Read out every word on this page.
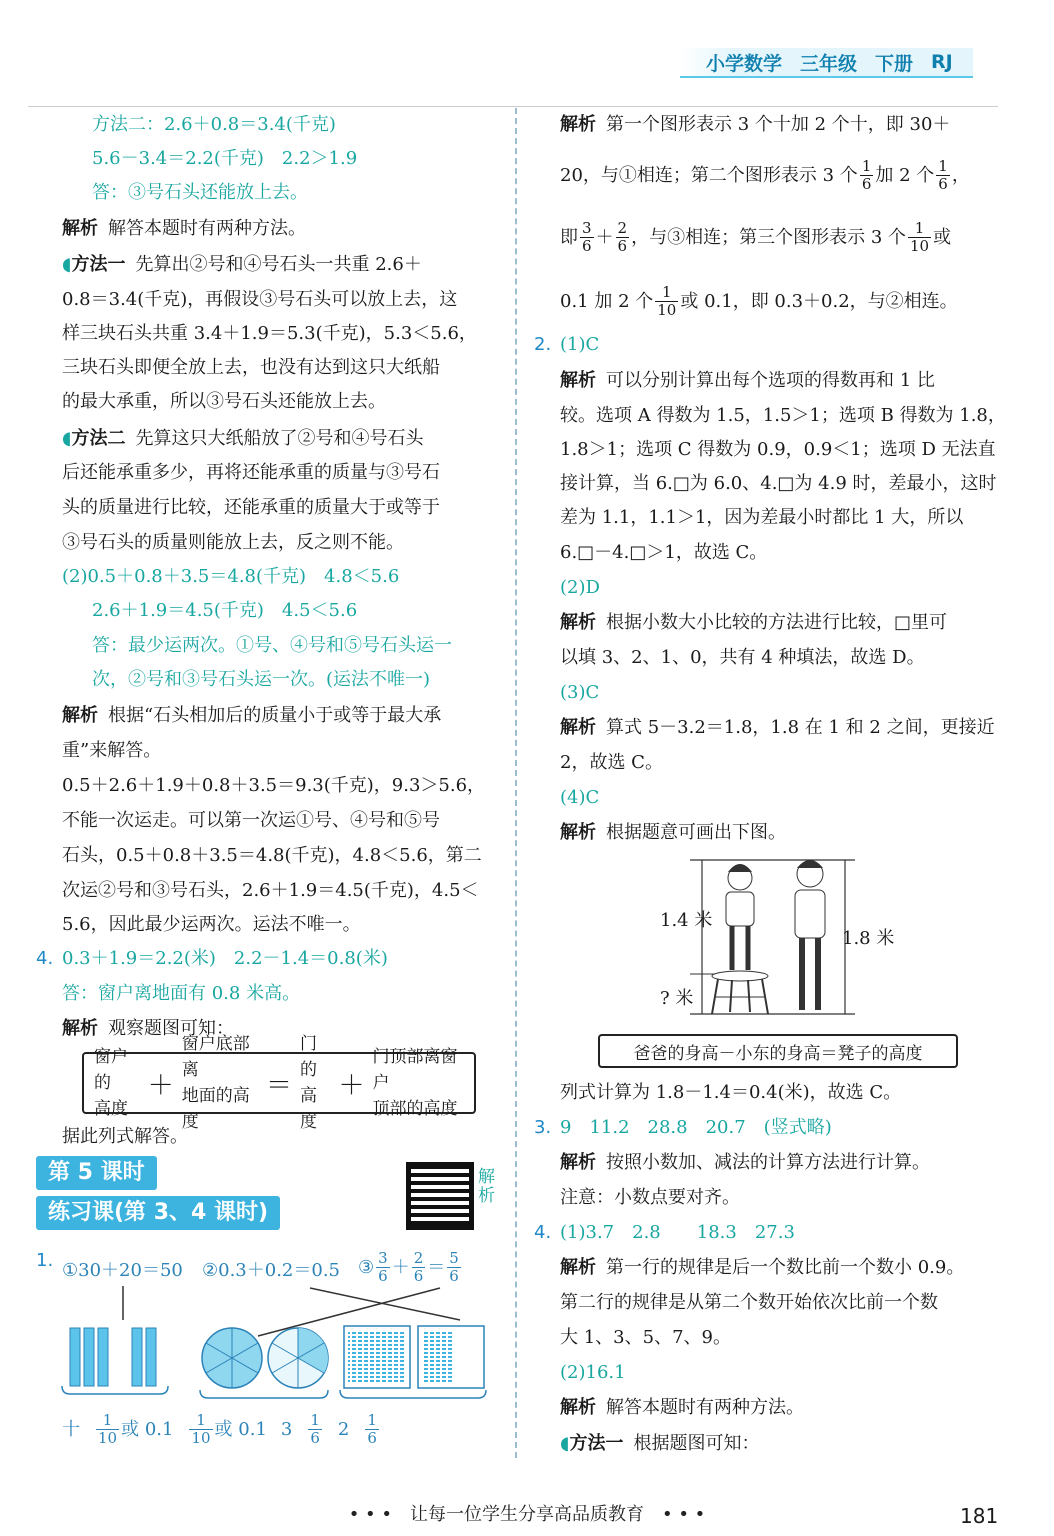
小学数学 三年级 下册 RJ
方法二：2.6＋0.8＝3.4(千克)
5.6－3.4＝2.2(千克)　2.2＞1.9
答：③号石头还能放上去。
解析 解答本题时有两种方法。
◖方法一 先算出②号和④号石头一共重 2.6＋
0.8＝3.4(千克)，再假设③号石头可以放上去，这
样三块石头共重 3.4＋1.9＝5.3(千克)，5.3＜5.6，
三块石头即便全放上去，也没有达到这只大纸船
的最大承重，所以③号石头还能放上去。
◖方法二 先算这只大纸船放了②号和④号石头
后还能承重多少，再将还能承重的质量与③号石
头的质量进行比较，还能承重的质量大于或等于
③号石头的质量则能放上去，反之则不能。
(2)0.5＋0.8＋3.5＝4.8(千克)　4.8＜5.6
2.6＋1.9＝4.5(千克)　4.5＜5.6
答：最少运两次。①号、④号和⑤号石头运一
次，②号和③号石头运一次。(运法不唯一)
解析 根据“石头相加后的质量小于或等于最大承
重”来解答。
0.5＋2.6＋1.9＋0.8＋3.5＝9.3(千克)，9.3＞5.6，
不能一次运走。可以第一次运①号、④号和⑤号
石头，0.5＋0.8＋3.5＝4.8(千克)，4.8＜5.6，第二
次运②号和③号石头，2.6＋1.9＝4.5(千克)，4.5＜
5.6，因此最少运两次。运法不唯一。
4. 0.3＋1.9＝2.2(米)　2.2－1.4＝0.8(米)
答：窗户离地面有 0.8 米高。
解析 观察题图可知：
窗户的
高度
＋
窗户底部离
地面的高度
＝
门的
高度
＋
门顶部离窗户
顶部的高度
据此列式解答。
第 5 课时
练习课(第 3、4 课时)
解析
1. ①30＋20＝50 ②0.3＋0.2＝0.5 ③ $\frac{3}{6} + \frac{2}{6} = \frac{5}{6}$
十 $\frac{1}{10}$ 或 $0.1 \frac{1}{10}$ 或 0.1 $3 \frac{1}{6} 2 \frac{1}{6}$
解析 第一个图形表示 3 个十加 2 个十，即 30＋
20，与①相连；第二个图形表示 3 个 $\frac{1}{6}$ 加 2 个 $\frac{1}{6}$ ，
即 $\frac{3}{6} + \frac{2}{6}$ ，与③相连；第三个图形表示 3 个 $\frac{1}{10}$ 或
0.1 加 2 个 $\frac{1}{10}$ 或 0.1，即 0.3＋0.2，与②相连。
2. (1)C
解析 可以分别计算出每个选项的得数再和 1 比
较。选项 A 得数为 1.5，1.5＞1；选项 B 得数为 1.8，
1.8＞1；选项 C 得数为 0.9，0.9＜1；选项 D 无法直
接计算，当 6.□为 6.0、4.□为 4.9 时，差最小，这时
差为 1.1，1.1＞1，因为差最小时都比 1 大，所以
6.□－4.□＞1，故选 C。
(2)D
解析 根据小数大小比较的方法进行比较，□里可
以填 3、2、1、0，共有 4 种填法，故选 D。
(3)C
解析 算式 5－3.2＝1.8，1.8 在 1 和 2 之间，更接近
2，故选 C。
(4)C
解析 根据题意可画出下图。
1.4 米
1.8 米
? 米
爸爸的身高－小东的身高＝凳子的高度
列式计算为 1.8－1.4＝0.4(米)，故选 C。
3. 9　11.2　28.8　20.7　(竖式略)
解析 按照小数加、减法的计算方法进行计算。
注意：小数点要对齐。
4. (1)3.7　2.8　　18.3　27.3
解析 第一行的规律是后一个数比前一个数小 0.9。
第二行的规律是从第二个数开始依次比前一个数
大 1、3、5、7、9。
(2)16.1
解析 解答本题时有两种方法。
◖方法一 根据题图可知：
• • •　让每一位学生分享高品质教育　• • •	181
